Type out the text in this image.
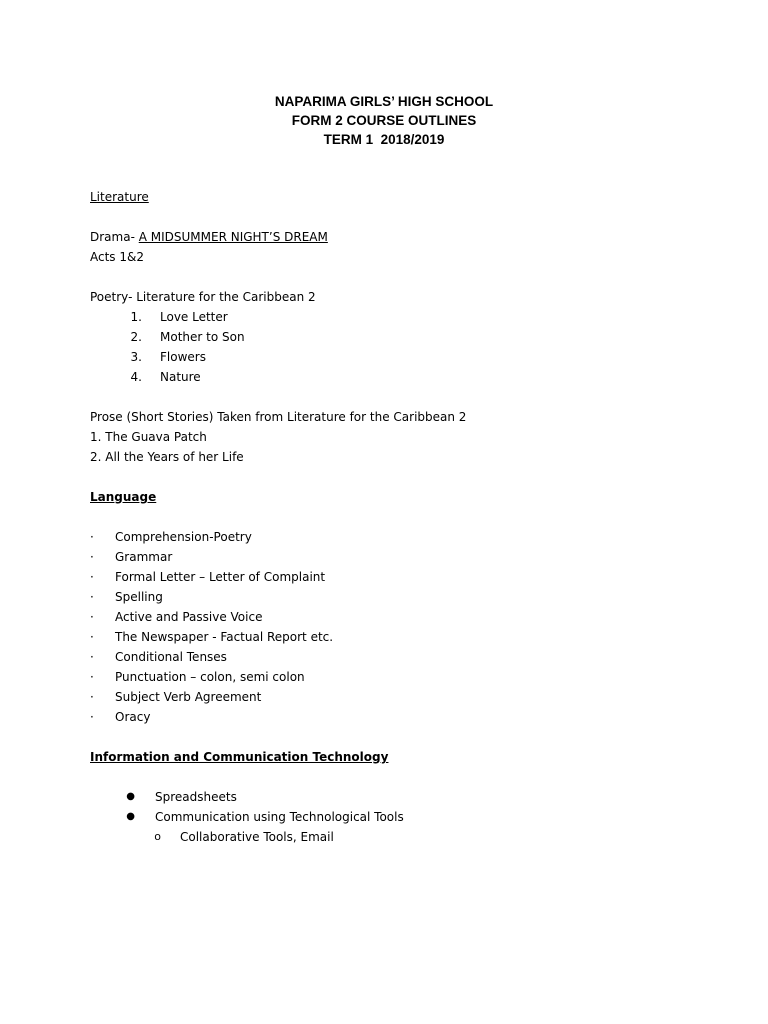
NAPARIMA GIRLS’ HIGH SCHOOL
FORM 2 COURSE OUTLINES
TERM 1  2018/2019
Literature
Drama- A MIDSUMMER NIGHT’S DREAM
Acts 1&2
Poetry- Literature for the Caribbean 2
1.	Love Letter
2.	Mother to Son
3.	Flowers
4.	Nature
Prose (Short Stories) Taken from Literature for the Caribbean 2
1. The Guava Patch
2. All the Years of her Life
Language
·	Comprehension-Poetry
·	Grammar
·	Formal Letter – Letter of Complaint
·	Spelling
·	Active and Passive Voice
·	The Newspaper - Factual Report etc.
·	Conditional Tenses
·	Punctuation – colon, semi colon
·	Subject Verb Agreement
·	Oracy
Information and Communication Technology
● Spreadsheets
● Communication using Technological Tools
o	Collaborative Tools, Email
